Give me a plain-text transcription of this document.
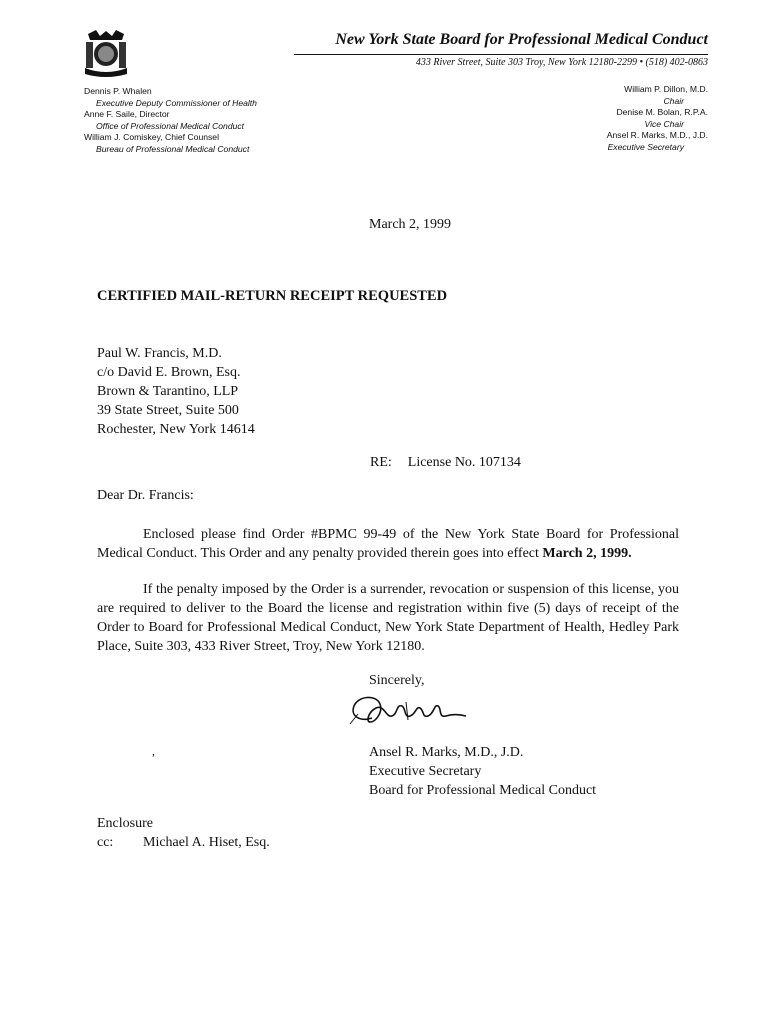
New York State Board for Professional Medical Conduct
433 River Street, Suite 303 Troy, New York 12180-2299 • (518) 402-0863
Dennis P. Whalen
Executive Deputy Commissioner of Health
Anne F. Saile, Director
Office of Professional Medical Conduct
William J. Comiskey, Chief Counsel
Bureau of Professional Medical Conduct
William P. Dillon, M.D.
Chair
Denise M. Bolan, R.P.A.
Vice Chair
Ansel R. Marks, M.D., J.D.
Executive Secretary
March 2, 1999
CERTIFIED MAIL-RETURN RECEIPT REQUESTED
Paul W. Francis, M.D.
c/o David E. Brown, Esq.
Brown & Tarantino, LLP
39 State Street, Suite 500
Rochester, New York 14614
RE: License No. 107134
Dear Dr. Francis:
Enclosed please find Order #BPMC 99-49 of the New York State Board for Professional Medical Conduct. This Order and any penalty provided therein goes into effect March 2, 1999.
If the penalty imposed by the Order is a surrender, revocation or suspension of this license, you are required to deliver to the Board the license and registration within five (5) days of receipt of the Order to Board for Professional Medical Conduct, New York State Department of Health, Hedley Park Place, Suite 303, 433 River Street, Troy, New York 12180.
Sincerely,
,	Ansel R. Marks, M.D., J.D.
Executive Secretary
Board for Professional Medical Conduct
Enclosure
cc: Michael A. Hiset, Esq.
